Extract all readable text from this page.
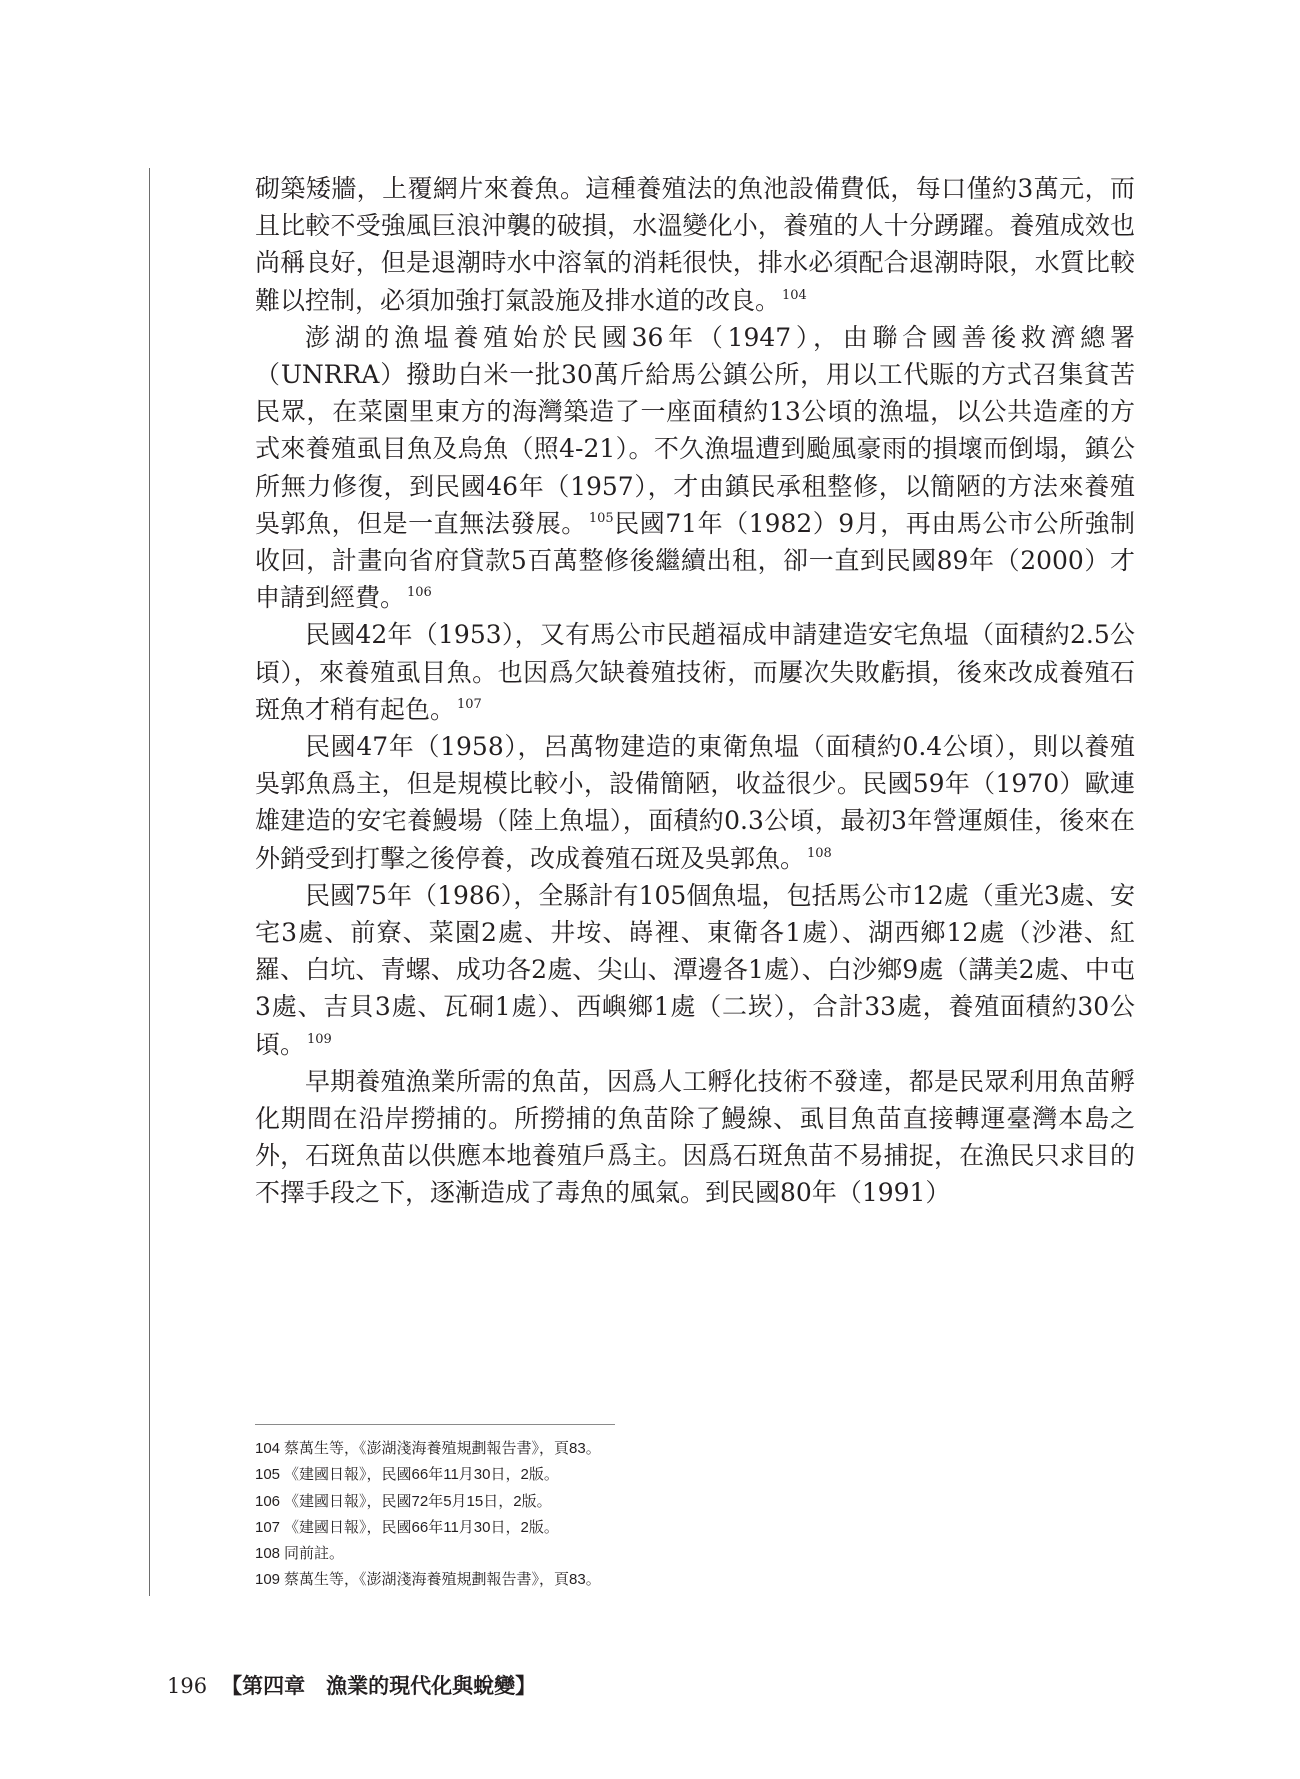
砌築矮牆，上覆網片來養魚。這種養殖法的魚池設備費低，每口僅約3萬元，而且比較不受強風巨浪沖襲的破損，水溫變化小，養殖的人十分踴躍。養殖成效也尚稱良好，但是退潮時水中溶氧的消耗很快，排水必須配合退潮時限，水質比較難以控制，必須加強打氣設施及排水道的改良。 $^{104}$

澎湖的漁塭養殖始於民國36年（1947），由聯合國善後救濟總署（UNRRA）撥助白米一批30萬斤給馬公鎮公所，用以工代賑的方式召集貧苦民眾，在菜園里東方的海灣築造了一座面積約13公頃的漁塭，以公共造產的方式來養殖虱目魚及烏魚（照4-21）。不久漁塭遭到颱風豪雨的損壞而倒塌，鎮公所無力修復，到民國46年（1957），才由鎮民承租整修，以簡陋的方法來養殖吳郭魚，但是一直無法發展。 $^{105}$民國71年（1982）9月，再由馬公市公所強制收回，計畫向省府貸款5百萬整修後繼續出租，卻一直到民國89年（2000）才申請到經費。 $^{106}$

民國42年（1953），又有馬公市民趙福成申請建造安宅魚塭（面積約2.5公頃），來養殖虱目魚。也因爲欠缺養殖技術，而屢次失敗虧損，後來改成養殖石斑魚才稍有起色。 $^{107}$

民國47年（1958），呂萬物建造的東衛魚塭（面積約0.4公頃），則以養殖吳郭魚爲主，但是規模比較小，設備簡陋，收益很少。民國59年（1970）歐連雄建造的安宅養鰻場（陸上魚塭），面積約0.3公頃，最初3年營運頗佳，後來在外銷受到打擊之後停養，改成養殖石斑及吳郭魚。 $^{108}$

民國75年（1986），全縣計有105個魚塭，包括馬公市12處（重光3處、安宅3處、前寮、菜園2處、井垵、嵵裡、東衛各1處）、湖西鄉12處（沙港、紅羅、白坑、青螺、成功各2處、尖山、潭邊各1處）、白沙鄉9處（講美2處、中屯3處、吉貝3處、瓦硐1處）、西嶼鄉1處（二崁），合計33處，養殖面積約30公頃。 $^{109}$

早期養殖漁業所需的魚苗，因爲人工孵化技術不發達，都是民眾利用魚苗孵化期間在沿岸撈捕的。所撈捕的魚苗除了鰻線、虱目魚苗直接轉運臺灣本島之外，石斑魚苗以供應本地養殖戶爲主。因爲石斑魚苗不易捕捉，在漁民只求目的不擇手段之下，逐漸造成了毒魚的風氣。到民國80年（1991）

104 蔡萬生等，《澎湖淺海養殖規劃報告書》，頁83。
105 《建國日報》，民國66年11月30日，2版。
106 《建國日報》，民國72年5月15日，2版。
107 《建國日報》，民國66年11月30日，2版。
108 同前註。
109 蔡萬生等，《澎湖淺海養殖規劃報告書》，頁83。
196 【第四章　漁業的現代化與蛻變】
